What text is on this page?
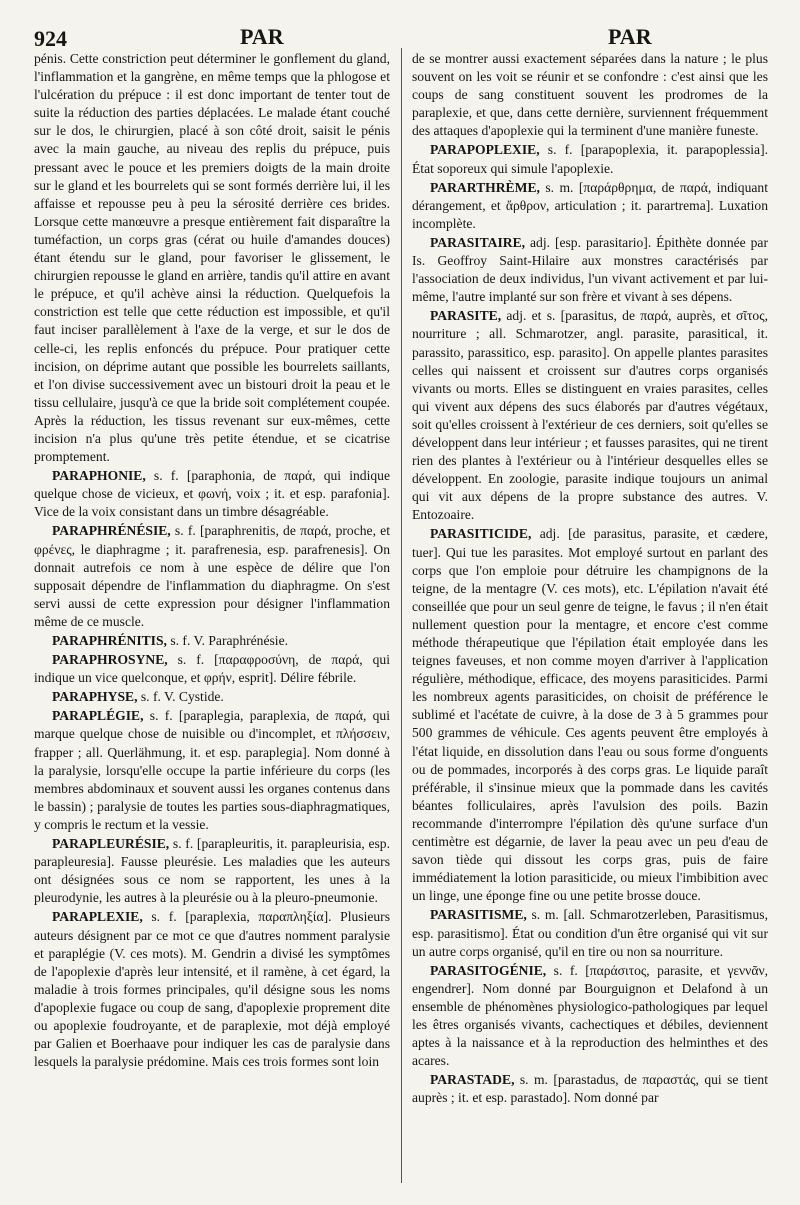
924	PAR	PAR

pénis. Cette constriction peut déterminer le gonflement du gland, l'inflammation et la gangrène, en même temps que la phlogose et l'ulcération du prépuce : il est donc important de tenter tout de suite la réduction des parties déplacées. Le malade étant couché sur le dos, le chirurgien, placé à son côté droit, saisit le pénis avec la main gauche, au niveau des replis du prépuce, puis pressant avec le pouce et les premiers doigts de la main droite sur le gland et les bourrelets qui se sont formés derrière lui, il les affaisse et repousse peu à peu la sérosité derrière ces brides. Lorsque cette manœuvre a presque entièrement fait disparaître la tuméfaction, un corps gras (cérat ou huile d'amandes douces) étant étendu sur le gland, pour favoriser le glissement, le chirurgien repousse le gland en arrière, tandis qu'il attire en avant le prépuce, et qu'il achève ainsi la réduction. Quelquefois la constriction est telle que cette réduction est impossible, et qu'il faut inciser parallèlement à l'axe de la verge, et sur le dos de celle-ci, les replis enfoncés du prépuce. Pour pratiquer cette incision, on déprime autant que possible les bourrelets saillants, et l'on divise successivement avec un bistouri droit la peau et le tissu cellulaire, jusqu'à ce que la bride soit complétement coupée. Après la réduction, les tissus revenant sur eux-mêmes, cette incision n'a plus qu'une très petite étendue, et se cicatrise promptement.

PARAPHONIE, s. f. [paraphonia, de παρά, qui indique quelque chose de vicieux, et φωνή, voix ; it. et esp. parafonia]. Vice de la voix consistant dans un timbre désagréable.

PARAPHRÉNÉSIE, s. f. [paraphrenitis, de παρά, proche, et φρένες, le diaphragme ; it. parafrenesia, esp. parafrenesis]. On donnait autrefois ce nom à une espèce de délire que l'on supposait dépendre de l'inflammation du diaphragme. On s'est servi aussi de cette expression pour désigner l'inflammation même de ce muscle.

PARAPHRÉNITIS, s. f. V. Paraphrénésie.

PARAPHROSYNE, s. f. [παραφροσύνη, de παρά, qui indique un vice quelconque, et φρήν, esprit]. Délire fébrile.

PARAPHYSE, s. f. V. Cystide.

PARAPLÉGIE, s. f. [paraplegia, paraplexia, de παρά, qui marque quelque chose de nuisible ou d'incomplet, et πλήσσειν, frapper ; all. Querlähmung, it. et esp. paraplegia]. Nom donné à la paralysie, lorsqu'elle occupe la partie inférieure du corps (les membres abdominaux et souvent aussi les organes contenus dans le bassin) ; paralysie de toutes les parties sous-diaphragmatiques, y compris le rectum et la vessie.

PARAPLEURÉSIE, s. f. [parapleuritis, it. parapleurisia, esp. parapleuresia]. Fausse pleurésie. Les maladies que les auteurs ont désignées sous ce nom se rapportent, les unes à la pleurodynie, les autres à la pleurésie ou à la pleuro-pneumonie.

PARAPLEXIE, s. f. [paraplexia, παραπληξία]. Plusieurs auteurs désignent par ce mot ce que d'autres nomment paralysie et paraplégie (V. ces mots). M. Gendrin a divisé les symptômes de l'apoplexie d'après leur intensité, et il ramène, à cet égard, la maladie à trois formes principales, qu'il désigne sous les noms d'apoplexie fugace ou coup de sang, d'apoplexie proprement dite ou apoplexie foudroyante, et de paraplexie, mot déjà employé par Galien et Boerhaave pour indiquer les cas de paralysie dans lesquels la paralysie prédomine. Mais ces trois formes sont loin

de se montrer aussi exactement séparées dans la nature ; le plus souvent on les voit se réunir et se confondre : c'est ainsi que les coups de sang constituent souvent les prodromes de la paraplexie, et que, dans cette dernière, surviennent fréquemment des attaques d'apoplexie qui la terminent d'une manière funeste.

PARAPOPLEXIE, s. f. [parapoplexia, it. parapoplessia]. État soporeux qui simule l'apoplexie.

PARARTHRÈME, s. m. [παράρθρημα, de παρά, indiquant dérangement, et ἄρθρον, articulation ; it. parartrema]. Luxation incomplète.

PARASITAIRE, adj. [esp. parasitario]. Épithète donnée par Is. Geoffroy Saint-Hilaire aux monstres caractérisés par l'association de deux individus, l'un vivant activement et par lui-même, l'autre implanté sur son frère et vivant à ses dépens.

PARASITE, adj. et s. [parasitus, de παρά, auprès, et σῖτος, nourriture ; all. Schmarotzer, angl. parasite, parasitical, it. parassito, parassitico, esp. parasito]. On appelle plantes parasites celles qui naissent et croissent sur d'autres corps organisés vivants ou morts. Elles se distinguent en vraies parasites, celles qui vivent aux dépens des sucs élaborés par d'autres végétaux, soit qu'elles croissent à l'extérieur de ces derniers, soit qu'elles se développent dans leur intérieur ; et fausses parasites, qui ne tirent rien des plantes à l'extérieur ou à l'intérieur desquelles elles se développent. En zoologie, parasite indique toujours un animal qui vit aux dépens de la propre substance des autres. V. Entozoaire.

PARASITICIDE, adj. [de parasitus, parasite, et cædere, tuer]. Qui tue les parasites. Mot employé surtout en parlant des corps que l'on emploie pour détruire les champignons de la teigne, de la mentagre (V. ces mots), etc. L'épilation n'avait été conseillée que pour un seul genre de teigne, le favus ; il n'en était nullement question pour la mentagre, et encore c'est comme méthode thérapeutique que l'épilation était employée dans les teignes faveuses, et non comme moyen d'arriver à l'application régulière, méthodique, efficace, des moyens parasiticides. Parmi les nombreux agents parasiticides, on choisit de préférence le sublimé et l'acétate de cuivre, à la dose de 3 à 5 grammes pour 500 grammes de véhicule. Ces agents peuvent être employés à l'état liquide, en dissolution dans l'eau ou sous forme d'onguents ou de pommades, incorporés à des corps gras. Le liquide paraît préférable, il s'insinue mieux que la pommade dans les cavités béantes folliculaires, après l'avulsion des poils. Bazin recommande d'interrompre l'épilation dès qu'une surface d'un centimètre est dégarnie, de laver la peau avec un peu d'eau de savon tiède qui dissout les corps gras, puis de faire immédiatement la lotion parasiticide, ou mieux l'imbibition avec un linge, une éponge fine ou une petite brosse douce.

PARASITISME, s. m. [all. Schmarotzerleben, Parasitismus, esp. parasitismo]. État ou condition d'un être organisé qui vit sur un autre corps organisé, qu'il en tire ou non sa nourriture.

PARASITOGÉNIE, s. f. [παράσιτος, parasite, et γεννᾶν, engendrer]. Nom donné par Bourguignon et Delafond à un ensemble de phénomènes physiologico-pathologiques par lequel les êtres organisés vivants, cachectiques et débiles, deviennent aptes à la naissance et à la reproduction des helminthes et des acares.

PARASTADE, s. m. [parastadus, de παραστάς, qui se tient auprès ; it. et esp. parastado]. Nom donné par
